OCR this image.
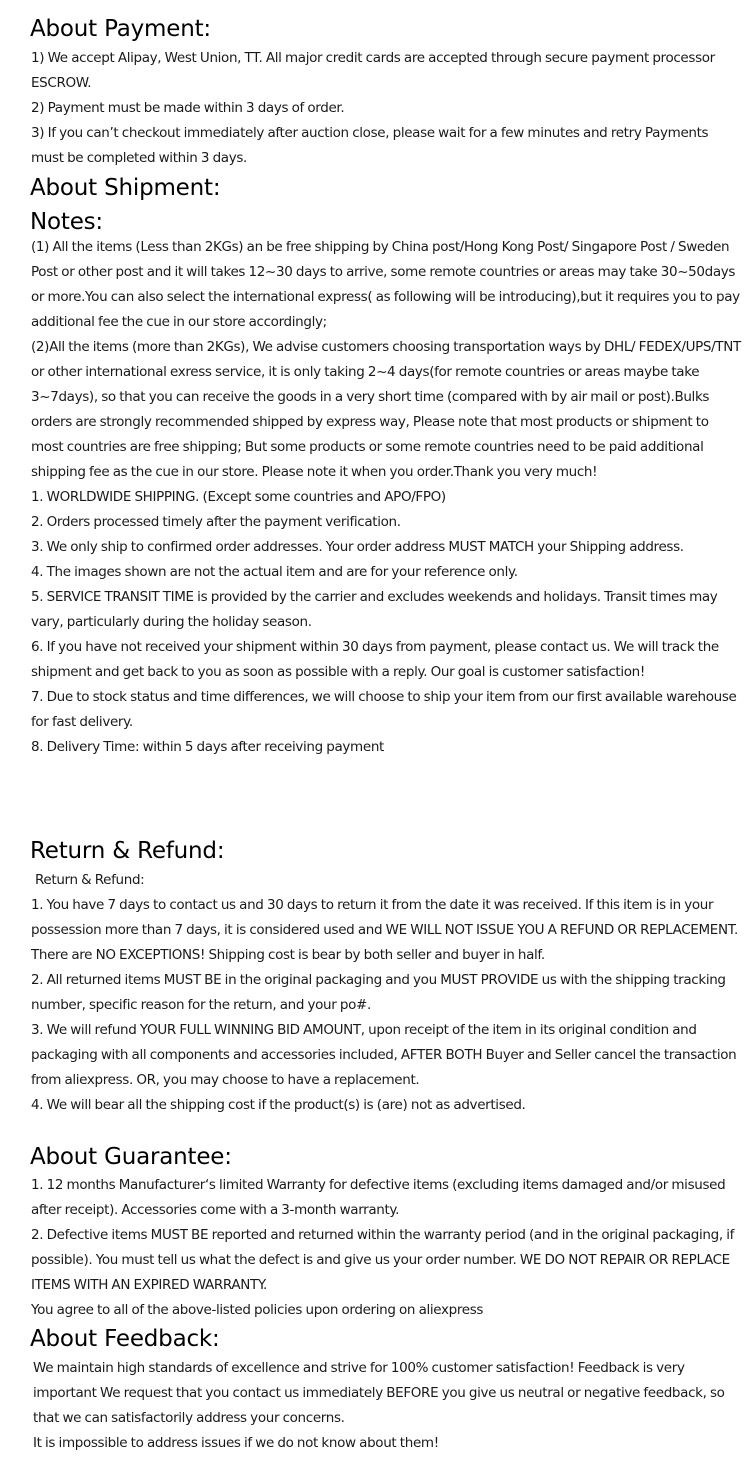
About Payment:

1) We accept Alipay, West Union, TT. All major credit cards are accepted through secure payment processor ESCROW.

2) Payment must be made within 3 days of order.

3) If you can’t checkout immediately after auction close, please wait for a few minutes and retry Payments must be completed within 3 days.

About Shipment:
Notes:

(1) All the items (Less than 2KGs) an be free shipping by China post/Hong Kong Post/ Singapore Post / Sweden Post or other post and it will takes 12~30 days to arrive, some remote countries or areas may take 30~50days or more.You can also select the international express( as following will be introducing),but it requires you to pay additional fee the cue in our store accordingly;

(2)All the items (more than 2KGs), We advise customers choosing transportation ways by DHL/ FEDEX/UPS/TNT or other international exress service, it is only taking 2~4 days(for remote countries or areas maybe take 3~7days), so that you can receive the goods in a very short time (compared with by air mail or post).Bulks orders are strongly recommended shipped by express way, Please note that most products or shipment to most countries are free shipping; But some products or some remote countries need to be paid additional shipping fee as the cue in our store. Please note it when you order.Thank you very much!

1. WORLDWIDE SHIPPING. (Except some countries and APO/FPO)

2. Orders processed timely after the payment verification.

3. We only ship to confirmed order addresses. Your order address MUST MATCH your Shipping address.

4. The images shown are not the actual item and are for your reference only.

5. SERVICE TRANSIT TIME is provided by the carrier and excludes weekends and holidays. Transit times may vary, particularly during the holiday season.

6. If you have not received your shipment within 30 days from payment, please contact us. We will track the shipment and get back to you as soon as possible with a reply. Our goal is customer satisfaction!

7. Due to stock status and time differences, we will choose to ship your item from our first available warehouse for fast delivery.

8. Delivery Time: within 5 days after receiving payment

Return & Refund:

Return & Refund:

1. You have 7 days to contact us and 30 days to return it from the date it was received. If this item is in your possession more than 7 days, it is considered used and WE WILL NOT ISSUE YOU A REFUND OR REPLACEMENT. There are NO EXCEPTIONS! Shipping cost is bear by both seller and buyer in half.

2. All returned items MUST BE in the original packaging and you MUST PROVIDE us with the shipping tracking number, specific reason for the return, and your po#.

3. We will refund YOUR FULL WINNING BID AMOUNT, upon receipt of the item in its original condition and packaging with all components and accessories included, AFTER BOTH Buyer and Seller cancel the transaction from aliexpress. OR, you may choose to have a replacement.

4. We will bear all the shipping cost if the product(s) is (are) not as advertised.

About Guarantee:

1. 12 months Manufacturer‘s limited Warranty for defective items (excluding items damaged and/or misused after receipt). Accessories come with a 3-month warranty.

2. Defective items MUST BE reported and returned within the warranty period (and in the original packaging, if possible). You must tell us what the defect is and give us your order number. WE DO NOT REPAIR OR REPLACE ITEMS WITH AN EXPIRED WARRANTY.

You agree to all of the above-listed policies upon ordering on aliexpress

About Feedback:

We maintain high standards of excellence and strive for 100% customer satisfaction! Feedback is very important We request that you contact us immediately BEFORE you give us neutral or negative feedback, so that we can satisfactorily address your concerns.

It is impossible to address issues if we do not know about them!
